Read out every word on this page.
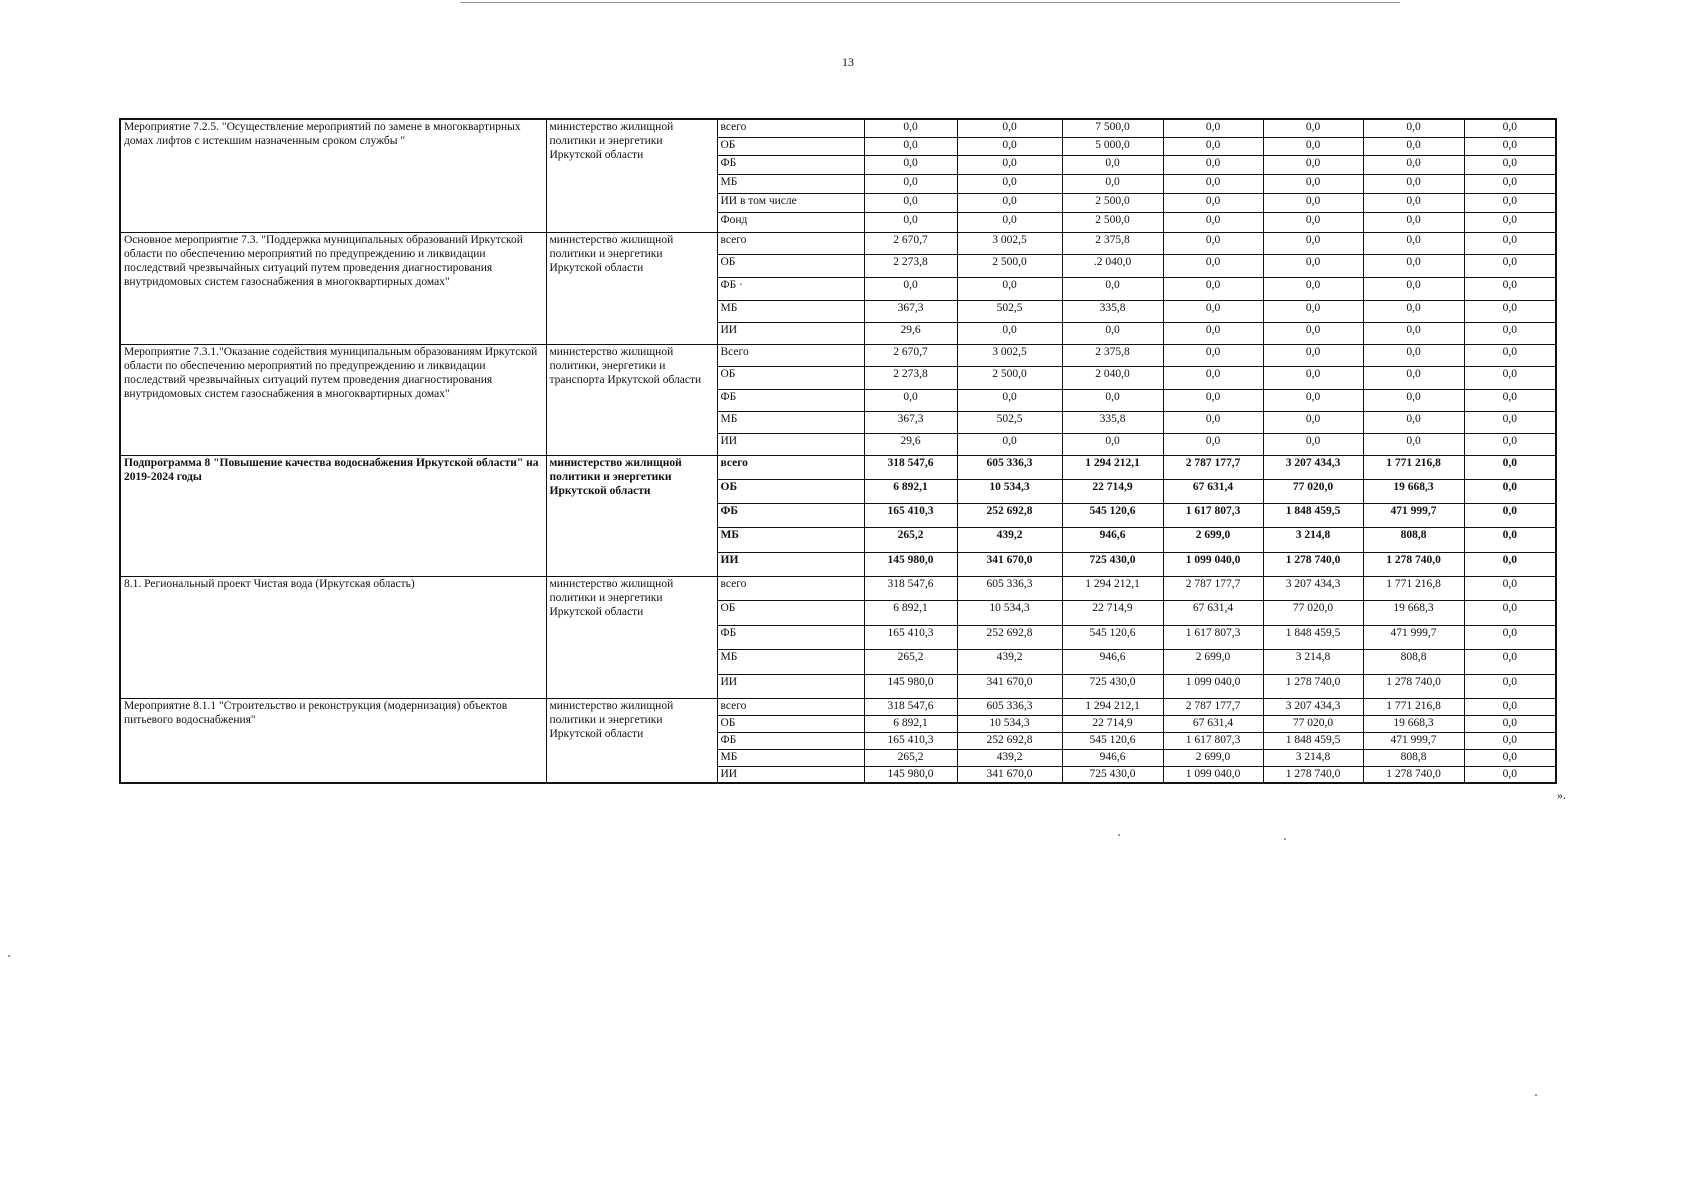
13
Мероприятие 7.2.5. "Осуществление мероприятий по замене в многоквартирных домах лифтов с истекшим назначенным сроком службы "	министерство жилищной политики и энергетики Иркутской области	всего	0,0	0,0	7 500,0	0,0	0,0	0,0	0,0
		ОБ	0,0	0,0	5 000,0	0,0	0,0	0,0	0,0
		ФБ	0,0	0,0	0,0	0,0	0,0	0,0	0,0
		МБ	0,0	0,0	0,0	0,0	0,0	0,0	0,0
		ИИ в том числе	0,0	0,0	2 500,0	0,0	0,0	0,0	0,0
		Фонд	0,0	0,0	2 500,0	0,0	0,0	0,0	0,0
Основное мероприятие 7.3. "Поддержка муниципальных образований Иркутской области по обеспечению мероприятий по предупреждению и ликвидации последствий чрезвычайных ситуаций путем проведения диагностирования внутридомовых систем газоснабжения в многоквартирных домах"	министерство жилищной политики и энергетики Иркутской области	всего	2 670,7	3 002,5	2 375,8	0,0	0,0	0,0	0,0
		ОБ	2 273,8	2 500,0	.2 040,0	0,0	0,0	0,0	0,0
		ФБ ·	0,0	0,0	0,0	0,0	0,0	0,0	0,0
		МБ	367,3	502,5	335,8	0,0	0,0	0,0	0,0
		ИИ	29,6	0,0	0,0	0,0	0,0	0,0	0,0
Мероприятие 7.3.1."Оказание содействия муниципальным образованиям Иркутской области по обеспечению мероприятий по предупреждению и ликвидации последствий чрезвычайных ситуаций путем проведения диагностирования внутридомовых систем газоснабжения в многоквартирных домах"	министерство жилищной политики, энергетики и транспорта Иркутской области	Всего	2 670,7	3 002,5	2 375,8	0,0	0,0	0,0	0,0
		ОБ	2 273,8	2 500,0	2 040,0	0,0	0,0	0,0	0,0
		ФБ	0,0	0,0	0,0	0,0	0,0	0,0	0,0
		МБ	367,3	502,5	335,8	0,0	0,0	0,0	0,0
		ИИ	29,6	0,0	0,0	0,0	0,0	0,0	0,0
Подпрограмма 8 "Повышение качества водоснабжения Иркутской области" на 2019-2024 годы	министерство жилищной политики и энергетики Иркутской области	всего	318 547,6	605 336,3	1 294 212,1	2 787 177,7	3 207 434,3	1 771 216,8	0,0
		ОБ	6 892,1	10 534,3	22 714,9	67 631,4	77 020,0	19 668,3	0,0
		ФБ	165 410,3	252 692,8	545 120,6	1 617 807,3	1 848 459,5	471 999,7	0,0
		МБ	265,2	439,2	946,6	2 699,0	3 214,8	808,8	0,0
		ИИ	145 980,0	341 670,0	725 430,0	1 099 040,0	1 278 740,0	1 278 740,0	0,0
8.1. Региональный проект Чистая вода (Иркутская область)	министерство жилищной политики и энергетики Иркутской области	всего	318 547,6	605 336,3	1 294 212,1	2 787 177,7	3 207 434,3	1 771 216,8	0,0
		ОБ	6 892,1	10 534,3	22 714,9	67 631,4	77 020,0	19 668,3	0,0
		ФБ	165 410,3	252 692,8	545 120,6	1 617 807,3	1 848 459,5	471 999,7	0,0
		МБ	265,2	439,2	946,6	2 699,0	3 214,8	808,8	0,0
		ИИ	145 980,0	341 670,0	725 430,0	1 099 040,0	1 278 740,0	1 278 740,0	0,0
Мероприятие 8.1.1 "Строительство и реконструкция (модернизация) объектов питьевого водоснабжения"	министерство жилищной политики и энергетики Иркутской области	всего	318 547,6	605 336,3	1 294 212,1	2 787 177,7	3 207 434,3	1 771 216,8	0,0
		ОБ	6 892,1	10 534,3	22 714,9	67 631,4	77 020,0	19 668,3	0,0
		ФБ	165 410,3	252 692,8	545 120,6	1 617 807,3	1 848 459,5	471 999,7	0,0
		МБ	265,2	439,2	946,6	2 699,0	3 214,8	808,8	0,0
		ИИ	145 980,0	341 670,0	725 430,0	1 099 040,0	1 278 740,0	1 278 740,0	0,0
».
